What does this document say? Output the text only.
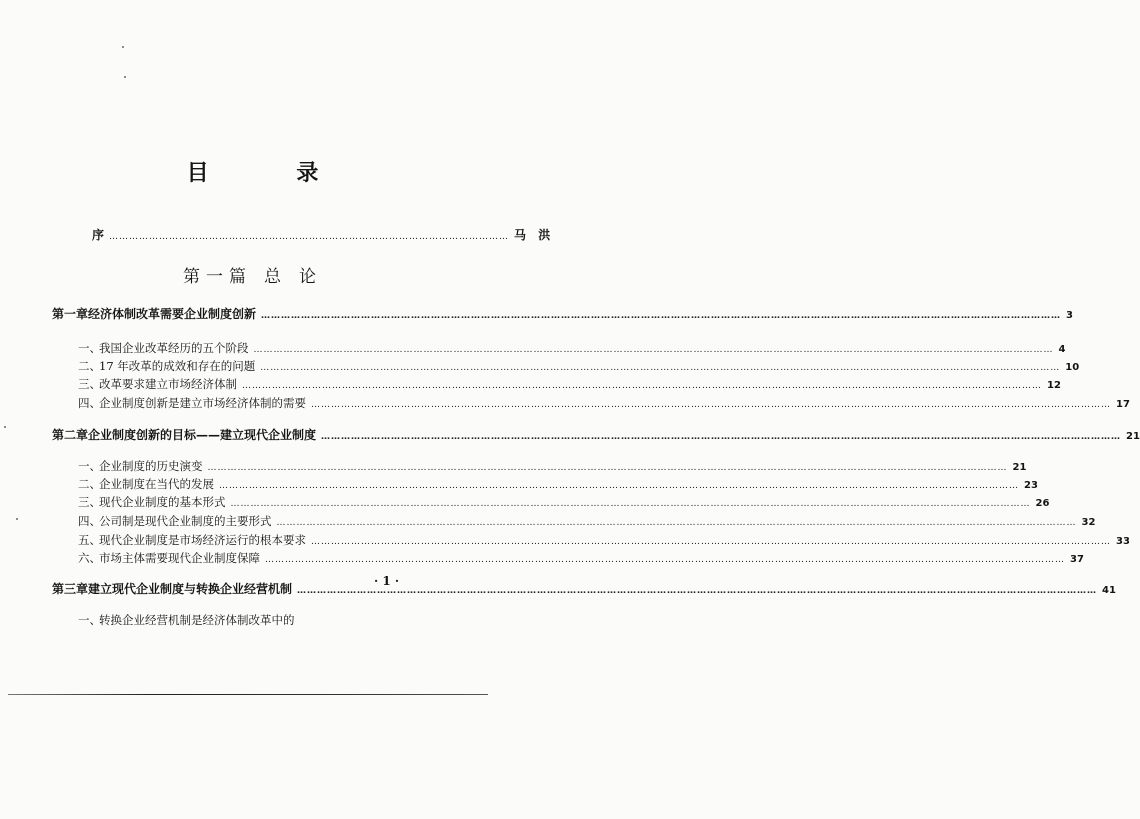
目 录
序 ………………………………………………………………………………………………………… 马 洪
第一篇 总 论
第一章 经济体制改革需要企业制度创新 …………………………………………………………………………………………………………………………………………………………………………………………………………………… 3
一、
我国企业改革经历的五个阶段 …………………………………………………………………………………………………………………………………………………………………………………………………………………… 4
二、
17 年改革的成效和存在的问题 …………………………………………………………………………………………………………………………………………………………………………………………………………………… 10
三、
改革要求建立市场经济体制 …………………………………………………………………………………………………………………………………………………………………………………………………………………… 12
四、
企业制度创新是建立市场经济体制的需要 …………………………………………………………………………………………………………………………………………………………………………………………………………………… 17
第二章 企业制度创新的目标——建立现代企业制度 …………………………………………………………………………………………………………………………………………………………………………………………………………………… 21
一、
企业制度的历史演变 …………………………………………………………………………………………………………………………………………………………………………………………………………………… 21
二、
企业制度在当代的发展 …………………………………………………………………………………………………………………………………………………………………………………………………………………… 23
三、
现代企业制度的基本形式 …………………………………………………………………………………………………………………………………………………………………………………………………………………… 26
四、
公司制是现代企业制度的主要形式 …………………………………………………………………………………………………………………………………………………………………………………………………………………… 32
五、
现代企业制度是市场经济运行的根本要求 …………………………………………………………………………………………………………………………………………………………………………………………………………………… 33
六、
市场主体需要现代企业制度保障 …………………………………………………………………………………………………………………………………………………………………………………………………………………… 37
第三章 建立现代企业制度与转换企业经营机制 …………………………………………………………………………………………………………………………………………………………………………………………………………………… 41
一、
转换企业经营机制是经济体制改革中的
· 1 ·
